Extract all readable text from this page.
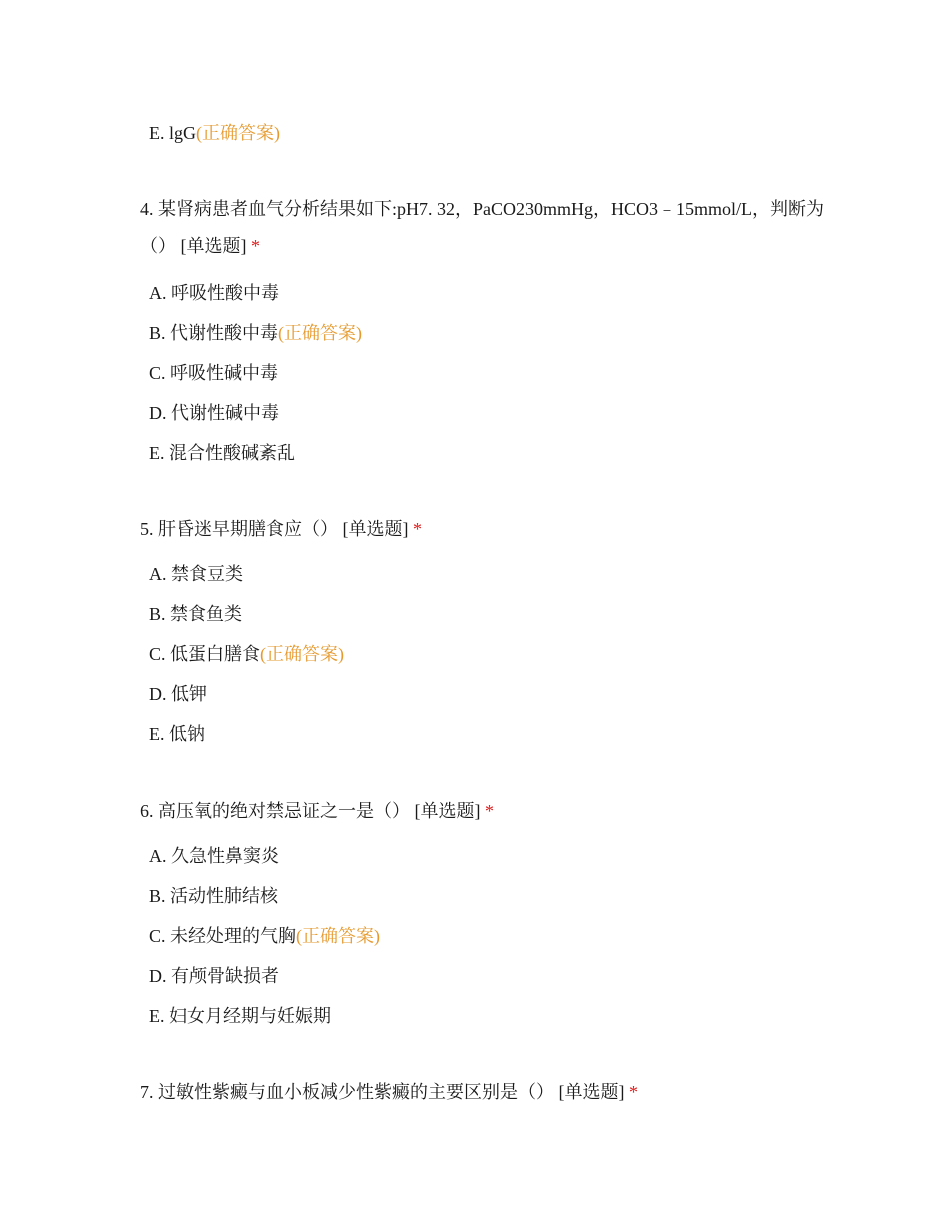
E. lgG(正确答案)
4. 某肾病患者血气分析结果如下:pH7. 32，PaCO230mmHg，HCO3﹣15mmol/L，判断为（） [单选题] *
A. 呼吸性酸中毒
B. 代谢性酸中毒(正确答案)
C. 呼吸性碱中毒
D. 代谢性碱中毒
E. 混合性酸碱紊乱
5. 肝昏迷早期膳食应（） [单选题] *
A. 禁食豆类
B. 禁食鱼类
C. 低蛋白膳食(正确答案)
D. 低钾
E. 低钠
6. 高压氧的绝对禁忌证之一是（） [单选题] *
A. 久急性鼻窦炎
B. 活动性肺结核
C. 未经处理的气胸(正确答案)
D. 有颅骨缺损者
E. 妇女月经期与妊娠期
7. 过敏性紫癜与血小板减少性紫癜的主要区别是（） [单选题] *
